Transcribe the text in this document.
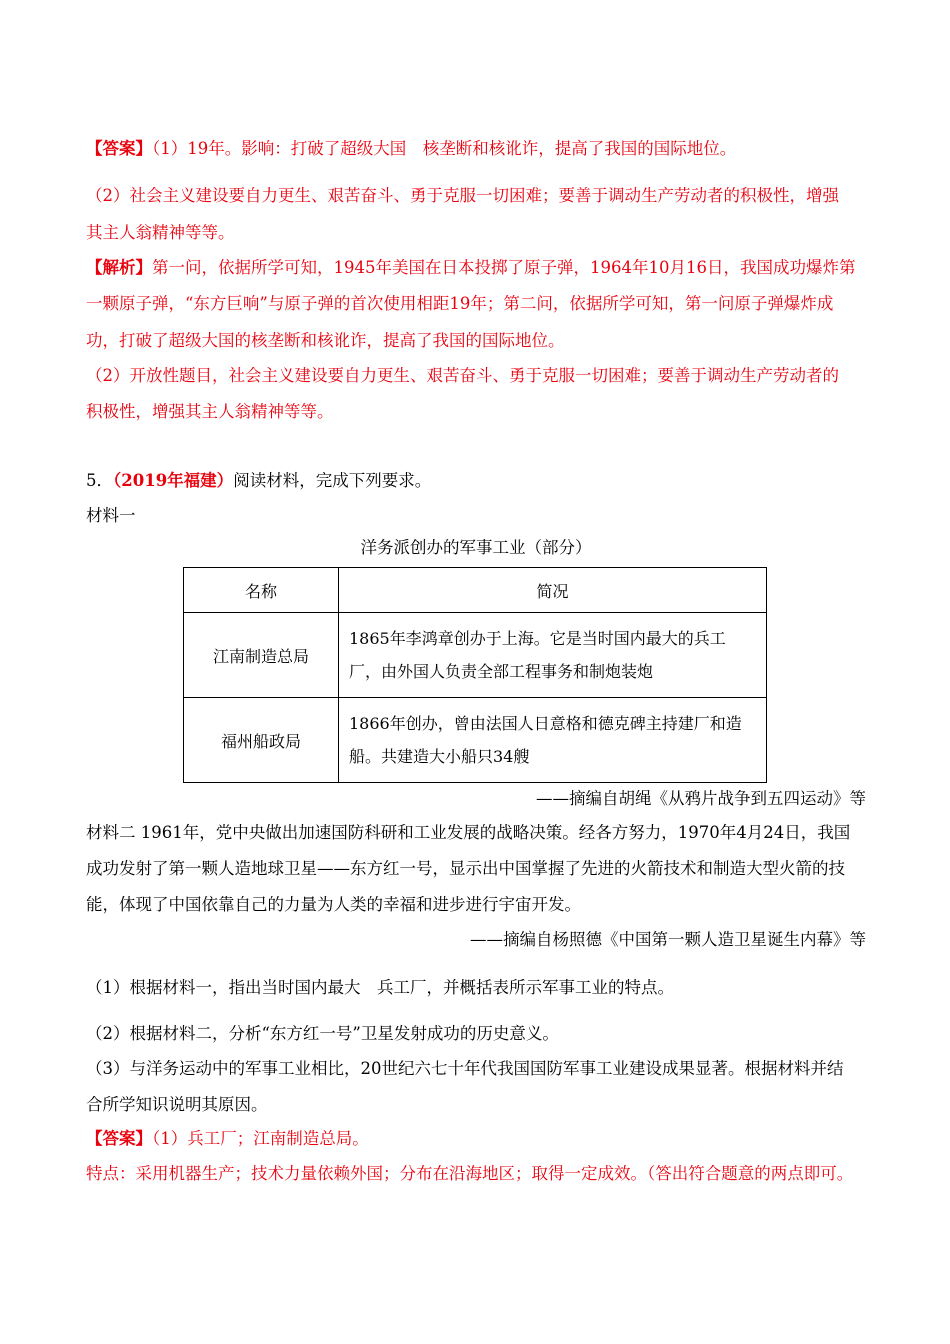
【答案】（1）19年。影响：打破了超级大国　核垄断和核讹诈，提高了我国的国际地位。
（2）社会主义建设要自力更生、艰苦奋斗、勇于克服一切困难；要善于调动生产劳动者的积极性，增强
其主人翁精神等等。
【解析】第一问，依据所学可知，1945年美国在日本投掷了原子弹，1964年10月16日，我国成功爆炸第
一颗原子弹，“东方巨响”与原子弹的首次使用相距19年；第二问，依据所学可知，第一问原子弹爆炸成
功，打破了超级大国的核垄断和核讹诈，提高了我国的国际地位。
（2）开放性题目，社会主义建设要自力更生、艰苦奋斗、勇于克服一切困难；要善于调动生产劳动者的
积极性，增强其主人翁精神等等。
5．（2019年福建）阅读材料，完成下列要求。
材料一
洋务派创办的军事工业（部分）
名称	简况
江南制造总局	1865年李鸿章创办于上海。它是当时国内最大的兵工
厂，由外国人负责全部工程事务和制炮装炮

福州船政局	1866年创办，曾由法国人日意格和德克碑主持建厂和造
船。共建造大小船只34艘
——摘编自胡绳《从鸦片战争到五四运动》等
材料二 1961年，党中央做出加速国防科研和工业发展的战略决策。经各方努力，1970年4月24日，我国
成功发射了第一颗人造地球卫星——东方红一号，显示出中国掌握了先进的火箭技术和制造大型火箭的技
能，体现了中国依靠自己的力量为人类的幸福和进步进行宇宙开发。
——摘编自杨照德《中国第一颗人造卫星诞生内幕》等
（1）根据材料一，指出当时国内最大　兵工厂，并概括表所示军事工业的特点。
（2）根据材料二，分析“东方红一号”卫星发射成功的历史意义。
（3）与洋务运动中的军事工业相比，20世纪六七十年代我国国防军事工业建设成果显著。根据材料并结
合所学知识说明其原因。
【答案】（1）兵工厂；江南制造总局。
特点：采用机器生产；技术力量依赖外国；分布在沿海地区；取得一定成效。（答出符合题意的两点即可。
